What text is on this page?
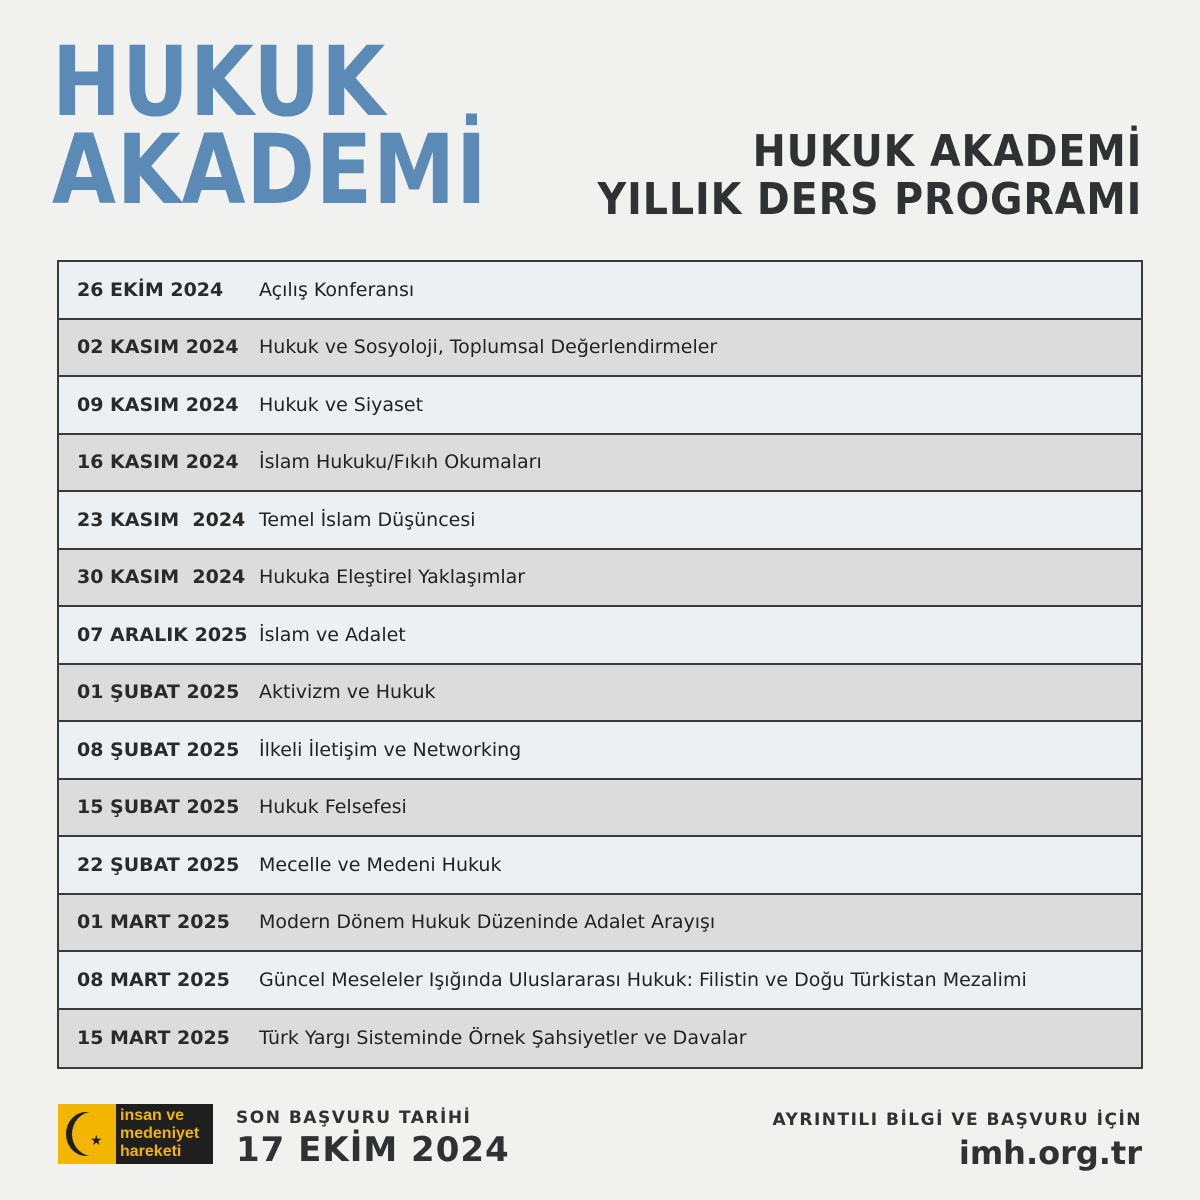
HUKUK
AKADEMİ	HUKUK AKADEMİ
YILLIK DERS PROGRAMI
26 EKİM 2024	Açılış Konferansı
02 KASIM 2024	Hukuk ve Sosyoloji, Toplumsal Değerlendirmeler
09 KASIM 2024	Hukuk ve Siyaset
16 KASIM 2024	İslam Hukuku/Fıkıh Okumaları
23 KASIM  2024 Temel İslam Düşüncesi
30 KASIM  2024 Hukuka Eleştirel Yaklaşımlar
07 ARALIK 2025 İslam ve Adalet
01 ŞUBAT 2025	Aktivizm ve Hukuk
08 ŞUBAT 2025	İlkeli İletişim ve Networking
15 ŞUBAT 2025	Hukuk Felsefesi
22 ŞUBAT 2025	Mecelle ve Medeni Hukuk
01 MART 2025	Modern Dönem Hukuk Düzeninde Adalet Arayışı
08 MART 2025	Güncel Meseleler Işığında Uluslararası Hukuk: Filistin ve Doğu Türkistan Mezalimi
15 MART 2025	Türk Yargı Sisteminde Örnek Şahsiyetler ve Davalar
★
insan ve
medeniyet
hareketi
SON BAŞVURU TARİHİ
17 EKİM 2024
AYRINTILI BİLGİ VE BAŞVURU İÇİN
imh.org.tr
